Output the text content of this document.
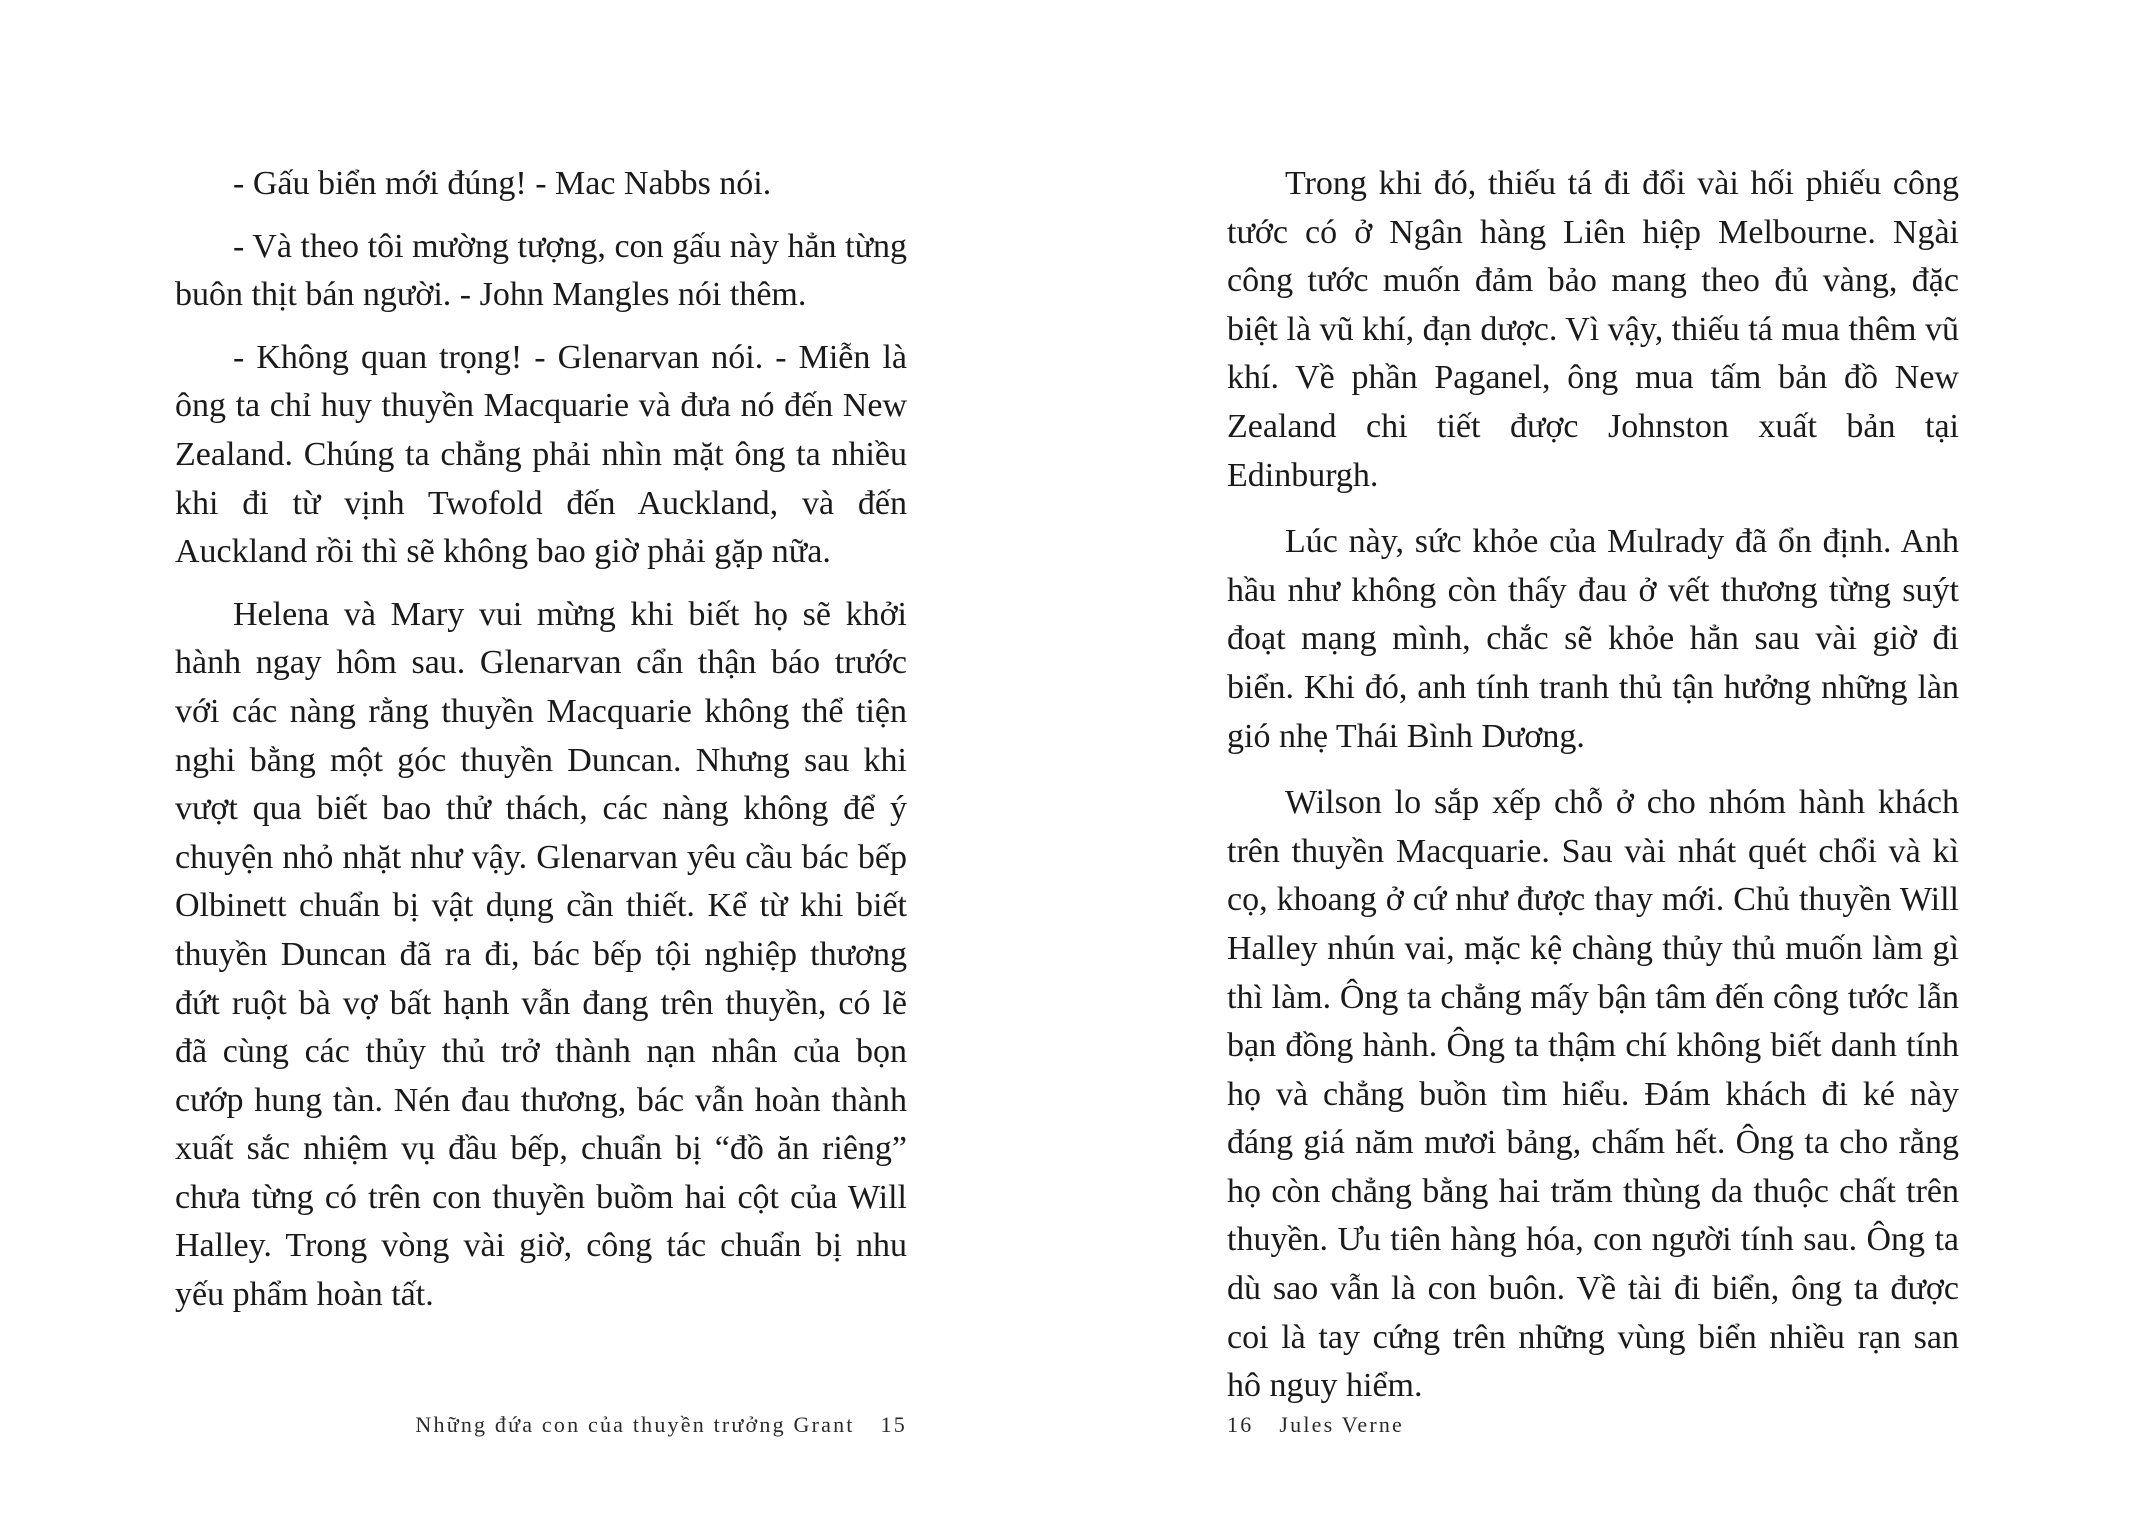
- Gấu biển mới đúng! - Mac Nabbs nói.

- Và theo tôi mường tượng, con gấu này hẳn từng buôn thịt bán người. - John Mangles nói thêm.

- Không quan trọng! - Glenarvan nói. - Miễn là ông ta chỉ huy thuyền Macquarie và đưa nó đến New Zealand. Chúng ta chẳng phải nhìn mặt ông ta nhiều khi đi từ vịnh Twofold đến Auckland, và đến Auckland rồi thì sẽ không bao giờ phải gặp nữa.

Helena và Mary vui mừng khi biết họ sẽ khởi hành ngay hôm sau. Glenarvan cẩn thận báo trước với các nàng rằng thuyền Macquarie không thể tiện nghi bằng một góc thuyền Duncan. Nhưng sau khi vượt qua biết bao thử thách, các nàng không để ý chuyện nhỏ nhặt như vậy. Glenarvan yêu cầu bác bếp Olbinett chuẩn bị vật dụng cần thiết. Kể từ khi biết thuyền Duncan đã ra đi, bác bếp tội nghiệp thương đứt ruột bà vợ bất hạnh vẫn đang trên thuyền, có lẽ đã cùng các thủy thủ trở thành nạn nhân của bọn cướp hung tàn. Nén đau thương, bác vẫn hoàn thành xuất sắc nhiệm vụ đầu bếp, chuẩn bị “đồ ăn riêng” chưa từng có trên con thuyền buồm hai cột của Will Halley. Trong vòng vài giờ, công tác chuẩn bị nhu yếu phẩm hoàn tất.

Những đứa con của thuyền trưởng Grant 15

Trong khi đó, thiếu tá đi đổi vài hối phiếu công tước có ở Ngân hàng Liên hiệp Melbourne. Ngài công tước muốn đảm bảo mang theo đủ vàng, đặc biệt là vũ khí, đạn dược. Vì vậy, thiếu tá mua thêm vũ khí. Về phần Paganel, ông mua tấm bản đồ New Zealand chi tiết được Johnston xuất bản tại Edinburgh.

Lúc này, sức khỏe của Mulrady đã ổn định. Anh hầu như không còn thấy đau ở vết thương từng suýt đoạt mạng mình, chắc sẽ khỏe hẳn sau vài giờ đi biển. Khi đó, anh tính tranh thủ tận hưởng những làn gió nhẹ Thái Bình Dương.

Wilson lo sắp xếp chỗ ở cho nhóm hành khách trên thuyền Macquarie. Sau vài nhát quét chổi và kì cọ, khoang ở cứ như được thay mới. Chủ thuyền Will Halley nhún vai, mặc kệ chàng thủy thủ muốn làm gì thì làm. Ông ta chẳng mấy bận tâm đến công tước lẫn bạn đồng hành. Ông ta thậm chí không biết danh tính họ và chẳng buồn tìm hiểu. Đám khách đi ké này đáng giá năm mươi bảng, chấm hết. Ông ta cho rằng họ còn chẳng bằng hai trăm thùng da thuộc chất trên thuyền. Ưu tiên hàng hóa, con người tính sau. Ông ta dù sao vẫn là con buôn. Về tài đi biển, ông ta được coi là tay cứng trên những vùng biển nhiều rạn san hô nguy hiểm.

16 Jules Verne
